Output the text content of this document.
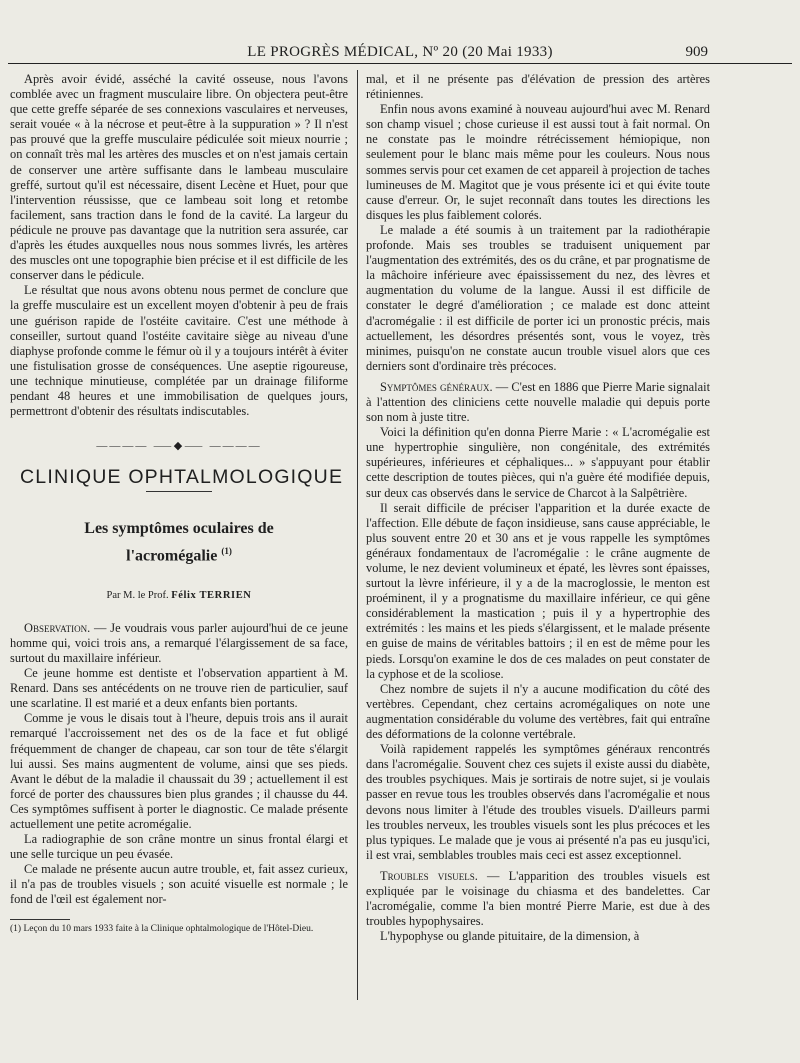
LE PROGRÈS MÉDICAL, Nº 20 (20 Mai 1933)	909

Après avoir évidé, asséché la cavité osseuse, nous l'avons comblée avec un fragment musculaire libre. On objectera peut-être que cette greffe séparée de ses connexions vasculaires et nerveuses, serait vouée « à la nécrose et peut-être à la suppuration » ? Il n'est pas prouvé que la greffe musculaire pédiculée soit mieux nourrie ; on connaît très mal les artères des muscles et on n'est jamais certain de conserver une artère suffisante dans le lambeau musculaire greffé, surtout qu'il est nécessaire, disent Lecène et Huet, pour que l'intervention réussisse, que ce lambeau soit long et retombe facilement, sans traction dans le fond de la cavité. La largeur du pédicule ne prouve pas davantage que la nutrition sera assurée, car d'après les études auxquelles nous nous sommes livrés, les artères des muscles ont une topographie bien précise et il est difficile de les conserver dans le pédicule.

Le résultat que nous avons obtenu nous permet de conclure que la greffe musculaire est un excellent moyen d'obtenir à peu de frais une guérison rapide de l'ostéite cavitaire. C'est une méthode à conseiller, surtout quand l'ostéite cavitaire siège au niveau d'une diaphyse profonde comme le fémur où il y a toujours intérêt à éviter une fistulisation grosse de conséquences. Une aseptie rigoureuse, une technique minutieuse, complétée par un drainage filiforme pendant 48 heures et une immobilisation de quelques jours, permettront d'obtenir des résultats indiscutables.

———— ⸺◆⸺ ————
CLINIQUE OPHTALMOLOGIQUE
Les symptômes oculaires de
l'acromégalie $^{(1)}$
Par M. le Prof. Félix TERRIEN

Observation. — Je voudrais vous parler aujourd'hui de ce jeune homme qui, voici trois ans, a remarqué l'élargissement de sa face, surtout du maxillaire inférieur.

Ce jeune homme est dentiste et l'observation appartient à M. Renard. Dans ses antécédents on ne trouve rien de particulier, sauf une scarlatine. Il est marié et a deux enfants bien portants.

Comme je vous le disais tout à l'heure, depuis trois ans il aurait remarqué l'accroissement net des os de la face et fut obligé fréquemment de changer de chapeau, car son tour de tête s'élargit lui aussi. Ses mains augmentent de volume, ainsi que ses pieds. Avant le début de la maladie il chaussait du 39 ; actuellement il est forcé de porter des chaussures bien plus grandes ; il chausse du 44. Ces symptômes suffisent à porter le diagnostic. Ce malade présente actuellement une petite acromégalie.

La radiographie de son crâne montre un sinus frontal élargi et une selle turcique un peu évasée.

Ce malade ne présente aucun autre trouble, et, fait assez curieux, il n'a pas de troubles visuels ; son acuité visuelle est normale ; le fond de l'œil est également nor-

(1) Leçon du 10 mars 1933 faite à la Clinique ophtalmologique de l'Hôtel-Dieu.

mal, et il ne présente pas d'élévation de pression des artères rétiniennes.

Enfin nous avons examiné à nouveau aujourd'hui avec M. Renard son champ visuel ; chose curieuse il est aussi tout à fait normal. On ne constate pas le moindre rétrécissement hémiopique, non seulement pour le blanc mais même pour les couleurs. Nous nous sommes servis pour cet examen de cet appareil à projection de taches lumineuses de M. Magitot que je vous présente ici et qui évite toute cause d'erreur. Or, le sujet reconnaît dans toutes les directions les disques les plus faiblement colorés.

Le malade a été soumis à un traitement par la radiothérapie profonde. Mais ses troubles se traduisent uniquement par l'augmentation des extrémités, des os du crâne, et par prognatisme de la mâchoire inférieure avec épaississement du nez, des lèvres et augmentation du volume de la langue. Aussi il est difficile de constater le degré d'amélioration ; ce malade est donc atteint d'acromégalie : il est difficile de porter ici un pronostic précis, mais actuellement, les désordres présentés sont, vous le voyez, très minimes, puisqu'on ne constate aucun trouble visuel alors que ces derniers sont d'ordinaire très précoces.

Symptômes généraux. — C'est en 1886 que Pierre Marie signalait à l'attention des cliniciens cette nouvelle maladie qui depuis porte son nom à juste titre.

Voici la définition qu'en donna Pierre Marie : « L'acromégalie est une hypertrophie singulière, non congénitale, des extrémités supérieures, inférieures et céphaliques... » s'appuyant pour établir cette description de toutes pièces, qui n'a guère été modifiée depuis, sur deux cas observés dans le service de Charcot à la Salpêtrière.

Il serait difficile de préciser l'apparition et la durée exacte de l'affection. Elle débute de façon insidieuse, sans cause appréciable, le plus souvent entre 20 et 30 ans et je vous rappelle les symptômes généraux fondamentaux de l'acromégalie : le crâne augmente de volume, le nez devient volumineux et épaté, les lèvres sont épaisses, surtout la lèvre inférieure, il y a de la macroglossie, le menton est proéminent, il y a prognatisme du maxillaire inférieur, ce qui gêne considérablement la mastication ; puis il y a hypertrophie des extrémités : les mains et les pieds s'élargissent, et le malade présente en guise de mains de véritables battoirs ; il en est de même pour les pieds. Lorsqu'on examine le dos de ces malades on peut constater de la cyphose et de la scoliose.

Chez nombre de sujets il n'y a aucune modification du côté des vertèbres. Cependant, chez certains acromégaliques on note une augmentation considérable du volume des vertèbres, fait qui entraîne des déformations de la colonne vertébrale.

Voilà rapidement rappelés les symptômes généraux rencontrés dans l'acromégalie. Souvent chez ces sujets il existe aussi du diabète, des troubles psychiques. Mais je sortirais de notre sujet, si je voulais passer en revue tous les troubles observés dans l'acromégalie et nous devons nous limiter à l'étude des troubles visuels. D'ailleurs parmi les troubles nerveux, les troubles visuels sont les plus précoces et les plus typiques. Le malade que je vous ai présenté n'a pas eu jusqu'ici, il est vrai, semblables troubles mais ceci est assez exceptionnel.

Troubles visuels. — L'apparition des troubles visuels est expliquée par le voisinage du chiasma et des bandelettes. Car l'acromégalie, comme l'a bien montré Pierre Marie, est due à des troubles hypophysaires.

L'hypophyse ou glande pituitaire, de la dimension, à
